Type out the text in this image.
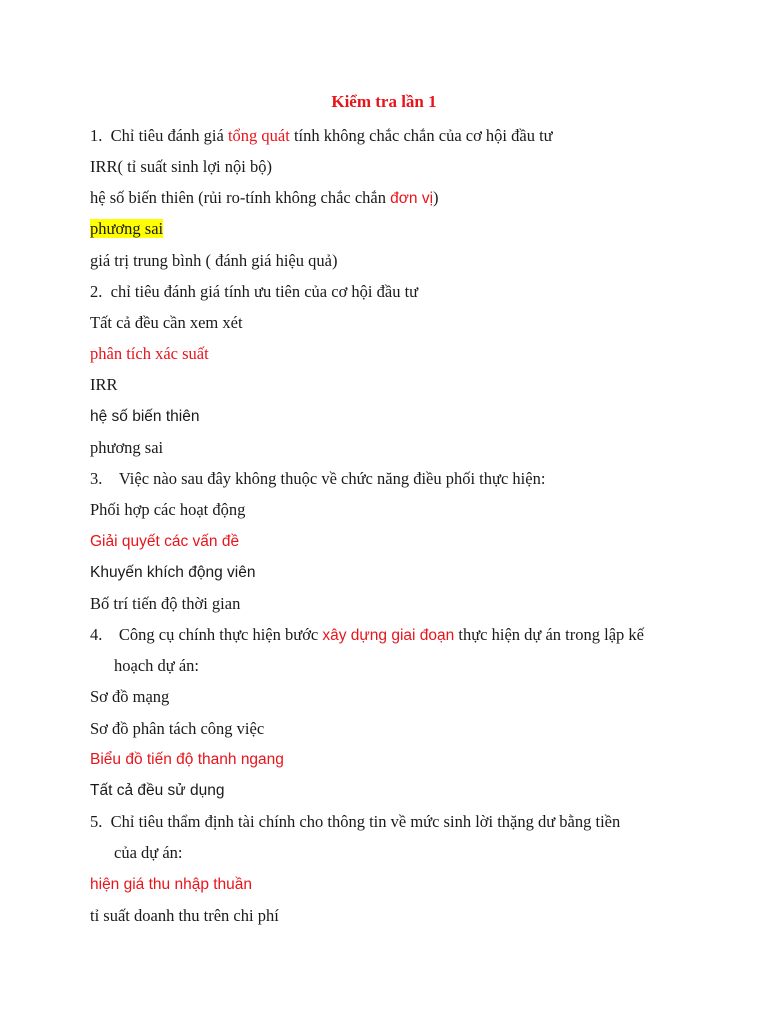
Kiểm tra lần 1
1. Chỉ tiêu đánh giá tổng quát tính không chắc chắn của cơ hội đầu tư
IRR( tỉ suất sinh lợi nội bộ)
hệ số biến thiên (rủi ro-tính không chắc chắn đơn vị)
phương sai
giá trị trung bình ( đánh giá hiệu quả)
2. chỉ tiêu đánh giá tính ưu tiên của cơ hội đầu tư
Tất cả đều cần xem xét
phân tích xác suất
IRR
hệ số biến thiên
phương sai
3. Việc nào sau đây không thuộc về chức năng điều phối thực hiện:
Phối hợp các hoạt động
Giải quyết các vấn đề
Khuyến khích động viên
Bố trí tiến độ thời gian
4. Công cụ chính thực hiện bước xây dựng giai đoạn thực hiện dự án trong lập kế
hoạch dự án:
Sơ đồ mạng
Sơ đồ phân tách công việc
Biểu đồ tiến độ thanh ngang
Tất cả đều sử dụng
5. Chỉ tiêu thẩm định tài chính cho thông tin về mức sinh lời thặng dư bằng tiền
của dự án:
hiện giá thu nhập thuần
tỉ suất doanh thu trên chi phí
